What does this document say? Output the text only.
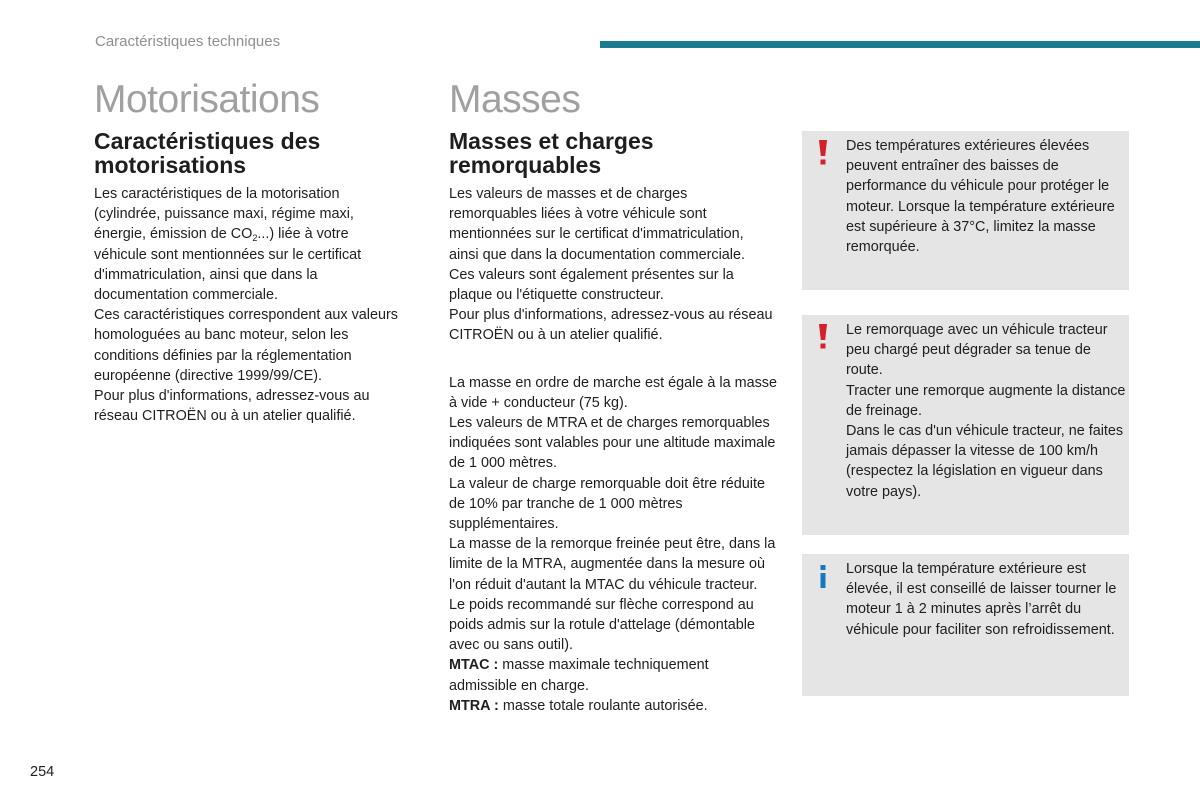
Caractéristiques techniques
Motorisations
Caractéristiques des
motorisations

Les caractéristiques de la motorisation (cylindrée, puissance maxi, régime maxi, énergie, émission de $CO_2$...) liée à votre véhicule sont mentionnées sur le certificat d'immatriculation, ainsi que dans la documentation commerciale.

Ces caractéristiques correspondent aux valeurs homologuées au banc moteur, selon les conditions définies par la réglementation européenne (directive 1999/99/CE).

Pour plus d'informations, adressez-vous au réseau CITROËN ou à un atelier qualifié.

Masses
Masses et charges
remorquables

Les valeurs de masses et de charges remorquables liées à votre véhicule sont mentionnées sur le certificat d'immatriculation, ainsi que dans la documentation commerciale.

Ces valeurs sont également présentes sur la plaque ou l'étiquette constructeur.

Pour plus d'informations, adressez-vous au réseau CITROËN ou à un atelier qualifié.

La masse en ordre de marche est égale à la masse à vide + conducteur (75 kg).

Les valeurs de MTRA et de charges remorquables indiquées sont valables pour une altitude maximale de 1 000 mètres.

La valeur de charge remorquable doit être réduite de 10% par tranche de 1 000 mètres supplémentaires.

La masse de la remorque freinée peut être, dans la limite de la MTRA, augmentée dans la mesure où l'on réduit d'autant la MTAC du véhicule tracteur.

Le poids recommandé sur flèche correspond au poids admis sur la rotule d'attelage (démontable avec ou sans outil).

MTAC : masse maximale techniquement admissible en charge.

MTRA : masse totale roulante autorisée.

Des températures extérieures élevées peuvent entraîner des baisses de performance du véhicule pour protéger le moteur. Lorsque la température extérieure est supérieure à 37°C, limitez la masse remorquée.

Le remorquage avec un véhicule tracteur peu chargé peut dégrader sa tenue de route.

Tracter une remorque augmente la distance de freinage.

Dans le cas d'un véhicule tracteur, ne faites jamais dépasser la vitesse de 100 km/h (respectez la législation en vigueur dans votre pays).

Lorsque la température extérieure est élevée, il est conseillé de laisser tourner le moteur 1 à 2 minutes après l’arrêt du véhicule pour faciliter son refroidissement.

254
